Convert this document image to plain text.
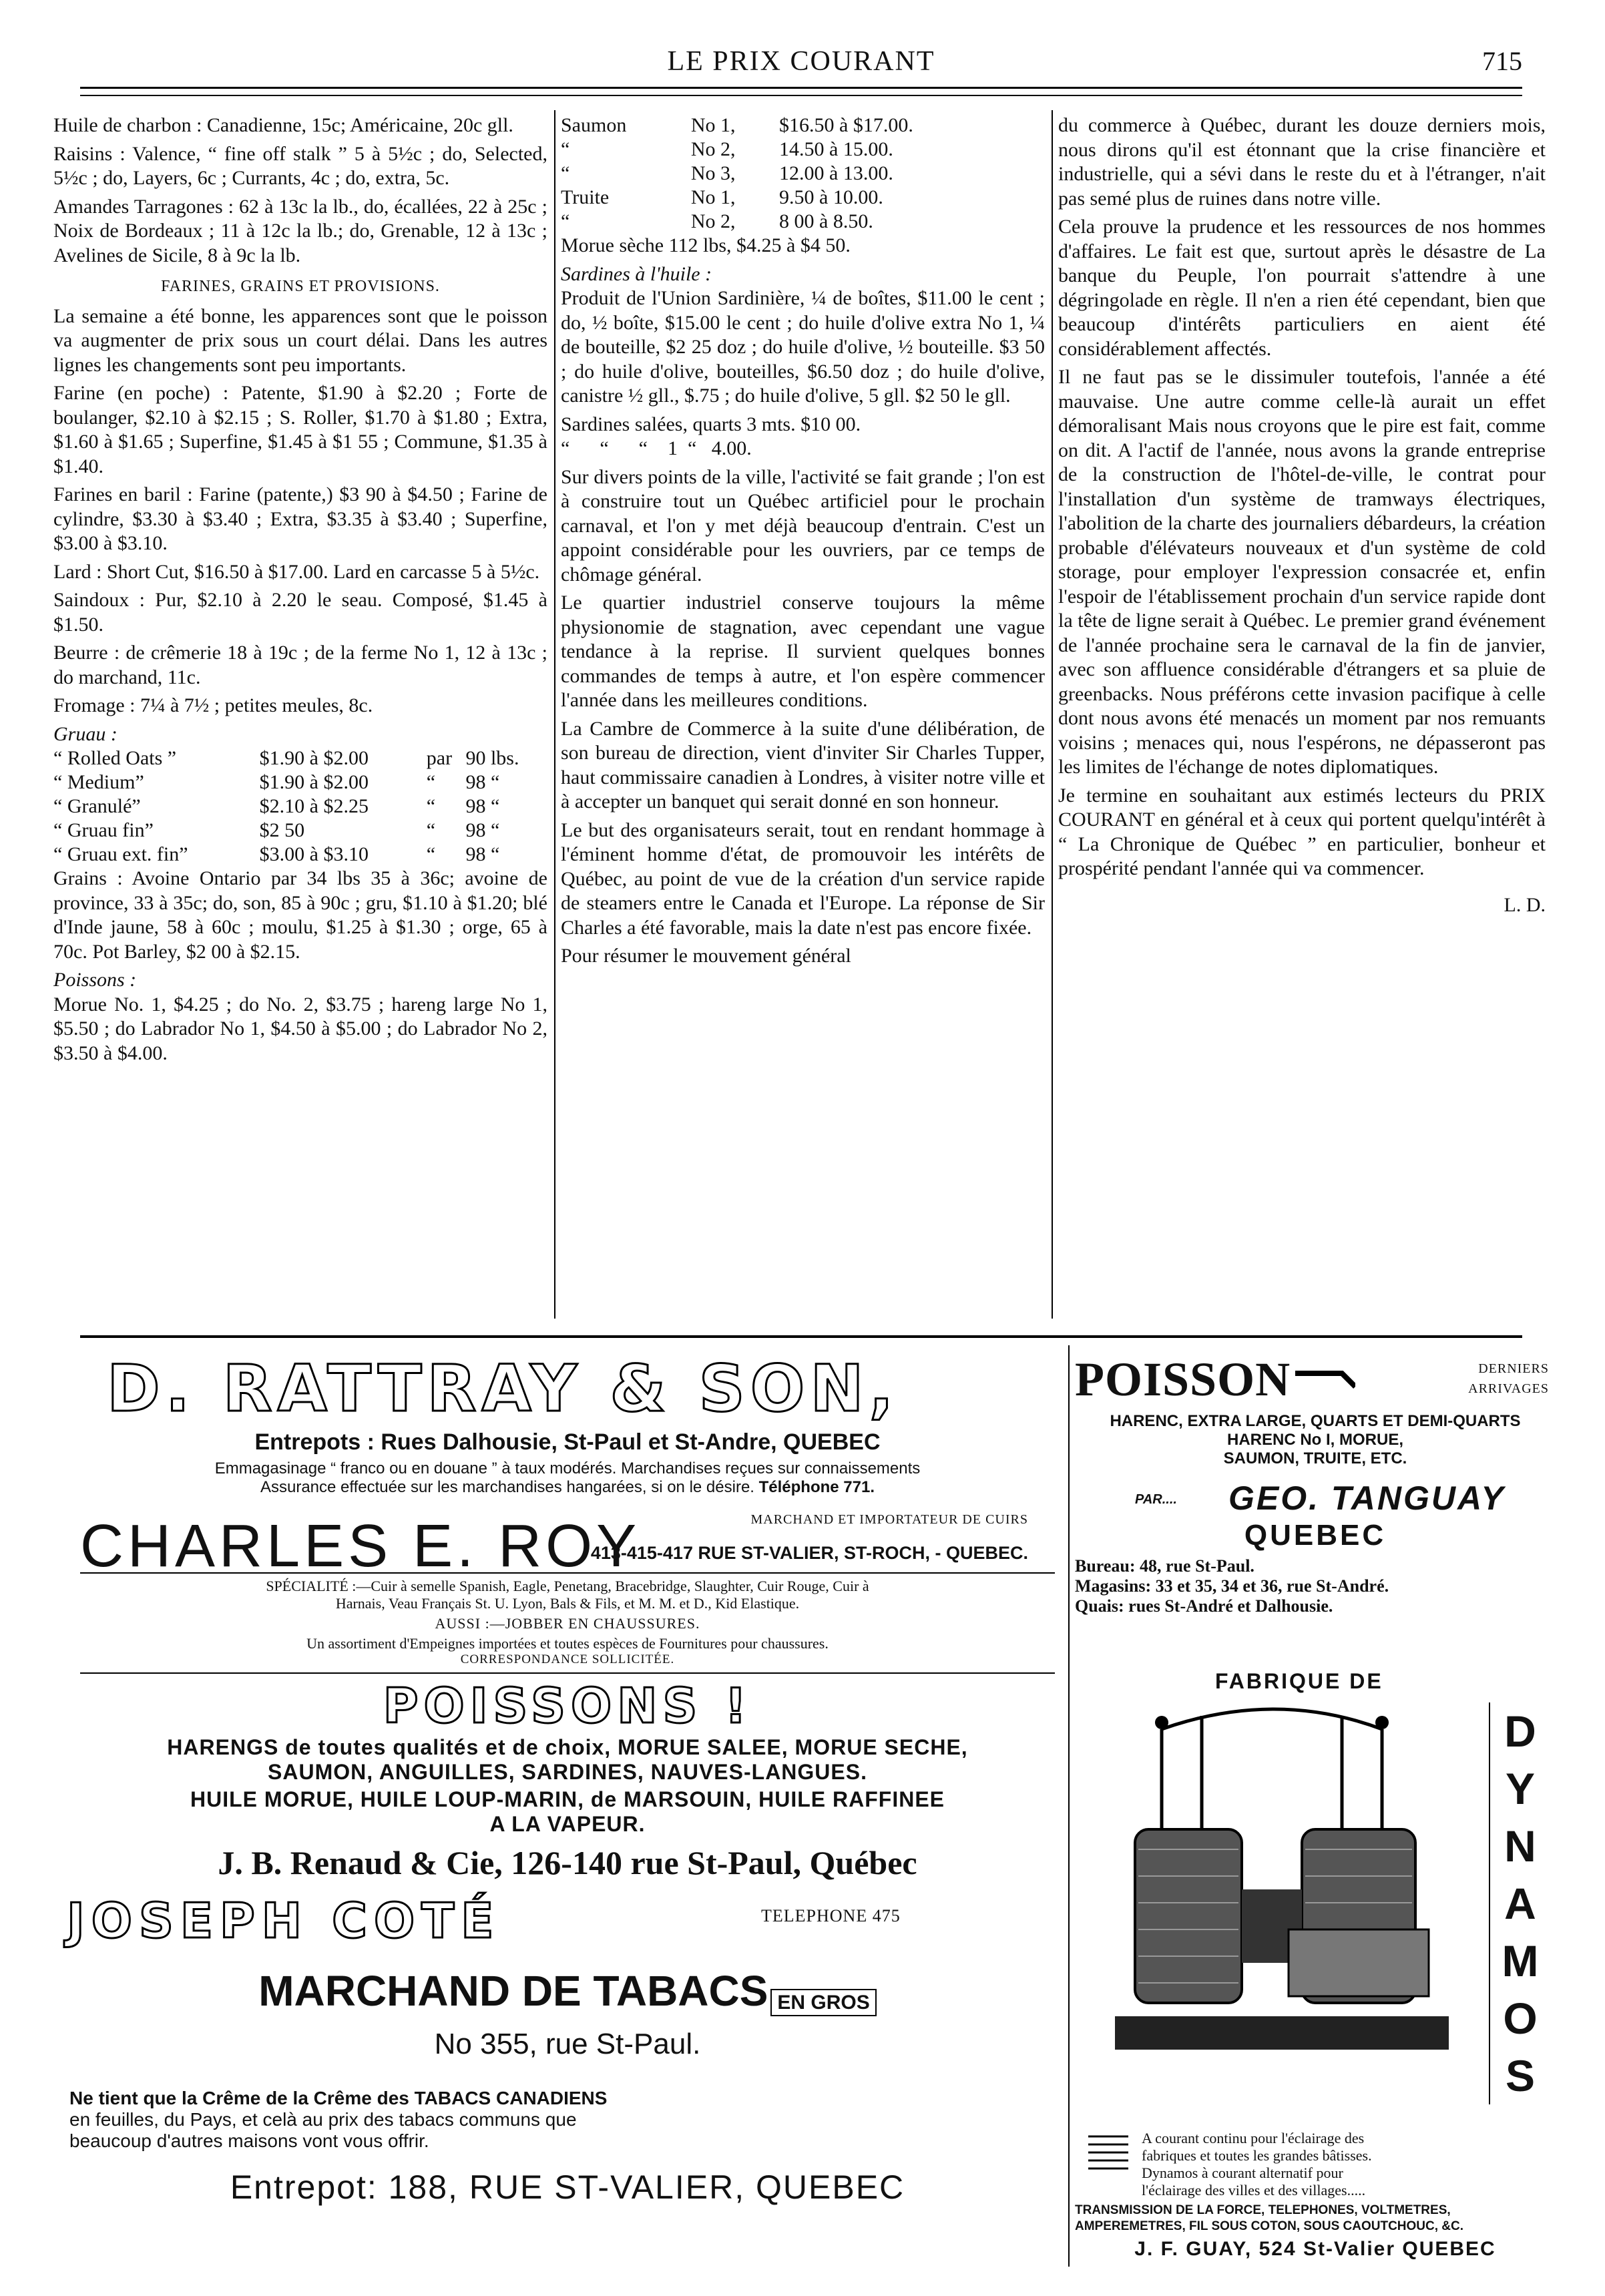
LE PRIX COURANT	715

Huile de charbon : Canadienne, 15c; Américaine, 20c gll.

Raisins : Valence, “ fine off stalk ” 5 à 5½c ; do, Selected, 5½c ; do, Layers, 6c ; Currants, 4c ; do, extra, 5c.

Amandes Tarragones : 62 à 13c la lb., do, écallées, 22 à 25c ; Noix de Bordeaux ; 11 à 12c la lb.; do, Grenable, 12 à 13c ; Avelines de Sicile, 8 à 9c la lb.

FARINES, GRAINS ET PROVISIONS.

La semaine a été bonne, les apparences sont que le poisson va augmenter de prix sous un court délai. Dans les autres lignes les changements sont peu importants.

Farine (en poche) : Patente, $1.90 à $2.20 ; Forte de boulanger, $2.10 à $2.15 ; S. Roller, $1.70 à $1.80 ; Extra, $1.60 à $1.65 ; Superfine, $1.45 à $1 55 ; Commune, $1.35 à $1.40.

Farines en baril : Farine (patente,) $3 90 à $4.50 ; Farine de cylindre, $3.30 à $3.40 ; Extra, $3.35 à $3.40 ; Superfine, $3.00 à $3.10.

Lard : Short Cut, $16.50 à $17.00. Lard en carcasse 5 à 5½c.

Saindoux : Pur, $2.10 à 2.20 le seau. Composé, $1.45 à $1.50.

Beurre : de crêmerie 18 à 19c ; de la ferme No 1, 12 à 13c ; do marchand, 11c.

Fromage : 7¼ à 7½ ; petites meules, 8c.

Gruau :
“ Rolled Oats ”	$1.90 à $2.00	par	90 lbs.
“ Medium”	$1.90 à $2.00	“	98 “
“ Granulé”	$2.10 à $2.25	“	98 “
“ Gruau fin”	$2 50	“	98 “
“ Gruau ext. fin”	$3.00 à $3.10	“	98 “

Grains : Avoine Ontario par 34 lbs 35 à 36c; avoine de province, 33 à 35c; do, son, 85 à 90c ; gru, $1.10 à $1.20; blé d'Inde jaune, 58 à 60c ; moulu, $1.25 à $1.30 ; orge, 65 à 70c. Pot Barley, $2 00 à $2.15.

Poissons :

Morue No. 1, $4.25 ; do No. 2, $3.75 ; hareng large No 1, $5.50 ; do Labrador No 1, $4.50 à $5.00 ; do Labrador No 2, $3.50 à $4.00.

Saumon	No 1,	$16.50 à $17.00.
“	No 2,	14.50 à 15.00.
“	No 3,	12.00 à 13.00.
Truite	No 1,	9.50 à 10.00.
“	No 2,	8 00 à 8.50.

Morue sèche 112 lbs, $4.25 à $4 50.

Sardines à l'huile :

Produit de l'Union Sardinière, ¼ de boîtes, $11.00 le cent ; do, ½ boîte, $15.00 le cent ; do huile d'olive extra No 1, ¼ de bouteille, $2 25 doz ; do huile d'olive, ½ bouteille. $3 50 ; do huile d'olive, bouteilles, $6.50 doz ; do huile d'olive, canistre ½ gll., $.75 ; do huile d'olive, 5 gll. $2 50 le gll.

Sardines salées, quarts 3 mts. $10 00.

“      “      “    1  “   4.00.

Sur divers points de la ville, l'activité se fait grande ; l'on est à construire tout un Québec artificiel pour le prochain carnaval, et l'on y met déjà beaucoup d'entrain. C'est un appoint considérable pour les ouvriers, par ce temps de chômage général.

Le quartier industriel conserve toujours la même physionomie de stagnation, avec cependant une vague tendance à la reprise. Il survient quelques bonnes commandes de temps à autre, et l'on espère commencer l'année dans les meilleures conditions.

La Cambre de Commerce à la suite d'une délibération, de son bureau de direction, vient d'inviter Sir Charles Tupper, haut commissaire canadien à Londres, à visiter notre ville et à accepter un banquet qui serait donné en son honneur.

Le but des organisateurs serait, tout en rendant hommage à l'éminent homme d'état, de promouvoir les intérêts de Québec, au point de vue de la création d'un service rapide de steamers entre le Canada et l'Europe. La réponse de Sir Charles a été favorable, mais la date n'est pas encore fixée.

Pour résumer le mouvement général

du commerce à Québec, durant les douze derniers mois, nous dirons qu'il est étonnant que la crise financière et industrielle, qui a sévi dans le reste du et à l'étranger, n'ait pas semé plus de ruines dans notre ville.

Cela prouve la prudence et les ressources de nos hommes d'affaires. Le fait est que, surtout après le désastre de La banque du Peuple, l'on pourrait s'attendre à une dégringolade en règle. Il n'en a rien été cependant, bien que beaucoup d'intérêts particuliers en aient été considérablement affectés.

Il ne faut pas se le dissimuler toutefois, l'année a été mauvaise. Une autre comme celle-là aurait un effet démoralisant Mais nous croyons que le pire est fait, comme on dit. A l'actif de l'année, nous avons la grande entreprise de la construction de l'hôtel-de-ville, le contrat pour l'installation d'un système de tramways électriques, l'abolition de la charte des journaliers débardeurs, la création probable d'élévateurs nouveaux et d'un système de cold storage, pour employer l'expression consacrée et, enfin l'espoir de l'établissement prochain d'un service rapide dont la tête de ligne serait à Québec. Le premier grand événement de l'année prochaine sera le carnaval de la fin de janvier, avec son affluence considérable d'étrangers et sa pluie de greenbacks. Nous préférons cette invasion pacifique à celle dont nous avons été menacés un moment par nos remuants voisins ; menaces qui, nous l'espérons, ne dépasseront pas les limites de l'échange de notes diplomatiques.

Je termine en souhaitant aux estimés lecteurs du PRIX COURANT en général et à ceux qui portent quelqu'intérêt à “ La Chronique de Québec ” en particulier, bonheur et prospérité pendant l'année qui va commencer.

L. D.
D. RATTRAY & SON,
Entrepots : Rues Dalhousie, St-Paul et St-Andre, QUEBEC
Emmagasinage “ franco ou en douane ” à taux modérés. Marchandises reçues sur connaissements
Assurance effectuée sur les marchandises hangarées, si on le désire. Téléphone 771.
CHARLES E. ROY	MARCHAND ET IMPORTATEUR DE CUIRS
413-415-417 RUE ST-VALIER, ST-ROCH, - QUEBEC.
SPÉCIALITÉ :—Cuir à semelle Spanish, Eagle, Penetang, Bracebridge, Slaughter, Cuir Rouge, Cuir à
Harnais, Veau Français St. U. Lyon, Bals & Fils, et M. M. et D., Kid Elastique.
AUSSI :—JOBBER EN CHAUSSURES.
Un assortiment d'Empeignes importées et toutes espèces de Fournitures pour chaussures.
CORRESPONDANCE SOLLICITÉE.
POISSONS !
HARENGS de toutes qualités et de choix, MORUE SALEE, MORUE SECHE,
SAUMON, ANGUILLES, SARDINES, NAUVES-LANGUES.
HUILE MORUE, HUILE LOUP-MARIN, de MARSOUIN, HUILE RAFFINEE
A LA VAPEUR.
J. B. Renaud & Cie, 126-140 rue St-Paul, Québec
JOSEPH COTÉ	TELEPHONE 475
MARCHAND DE TABACS EN GROS
No 355, rue St-Paul.
Ne tient que la Crême de la Crême des TABACS CANADIENS
en feuilles, du Pays, et celà au prix des tabacs communs que
beaucoup d'autres maisons vont vous offrir.
Entrepot: 188, RUE ST-VALIER, QUEBEC
POISSON	DERNIERS
ARRIVAGES
HARENC, EXTRA LARGE, QUARTS ET DEMI-QUARTS
HARENC No I, MORUE,
SAUMON, TRUITE, ETC.
PAR.... GEO. TANGUAY
QUEBEC
Bureau: 48, rue St-Paul.
Magasins: 33 et 35, 34 et 36, rue St-André.
Quais: rues St-André et Dalhousie.
FABRIQUE DE
D
Y
N
A
M
O
S
A courant continu pour l'éclairage des
fabriques et toutes les grandes bâtisses.
Dynamos à courant alternatif pour
l'éclairage des villes et des villages.....
TRANSMISSION DE LA FORCE, TELEPHONES, VOLTMETRES,
AMPEREMETRES, FIL SOUS COTON, SOUS CAOUTCHOUC, &C.
J. F. GUAY, 524 St-Valier QUEBEC
